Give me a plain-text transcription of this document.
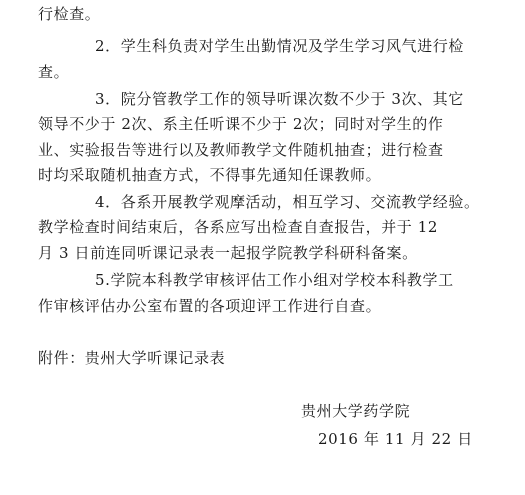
行检查。
2．学生科负责对学生出勤情况及学生学习风气进行检
查。
3．院分管教学工作的领导听课次数不少于 3次、其它
领导不少于 2次、系主任听课不少于 2次；同时对学生的作
业、实验报告等进行以及教师教学文件随机抽查；进行检查
时均采取随机抽查方式，不得事先通知任课教师。
4．各系开展教学观摩活动，相互学习、交流教学经验。
教学检查时间结束后，各系应写出检查自查报告，并于 12
月 3 日前连同听课记录表一起报学院教学科研科备案。
5.学院本科教学审核评估工作小组对学校本科教学工
作审核评估办公室布置的各项迎评工作进行自查。
附件：贵州大学听课记录表
贵州大学药学院
2016 年 11 月 22 日
